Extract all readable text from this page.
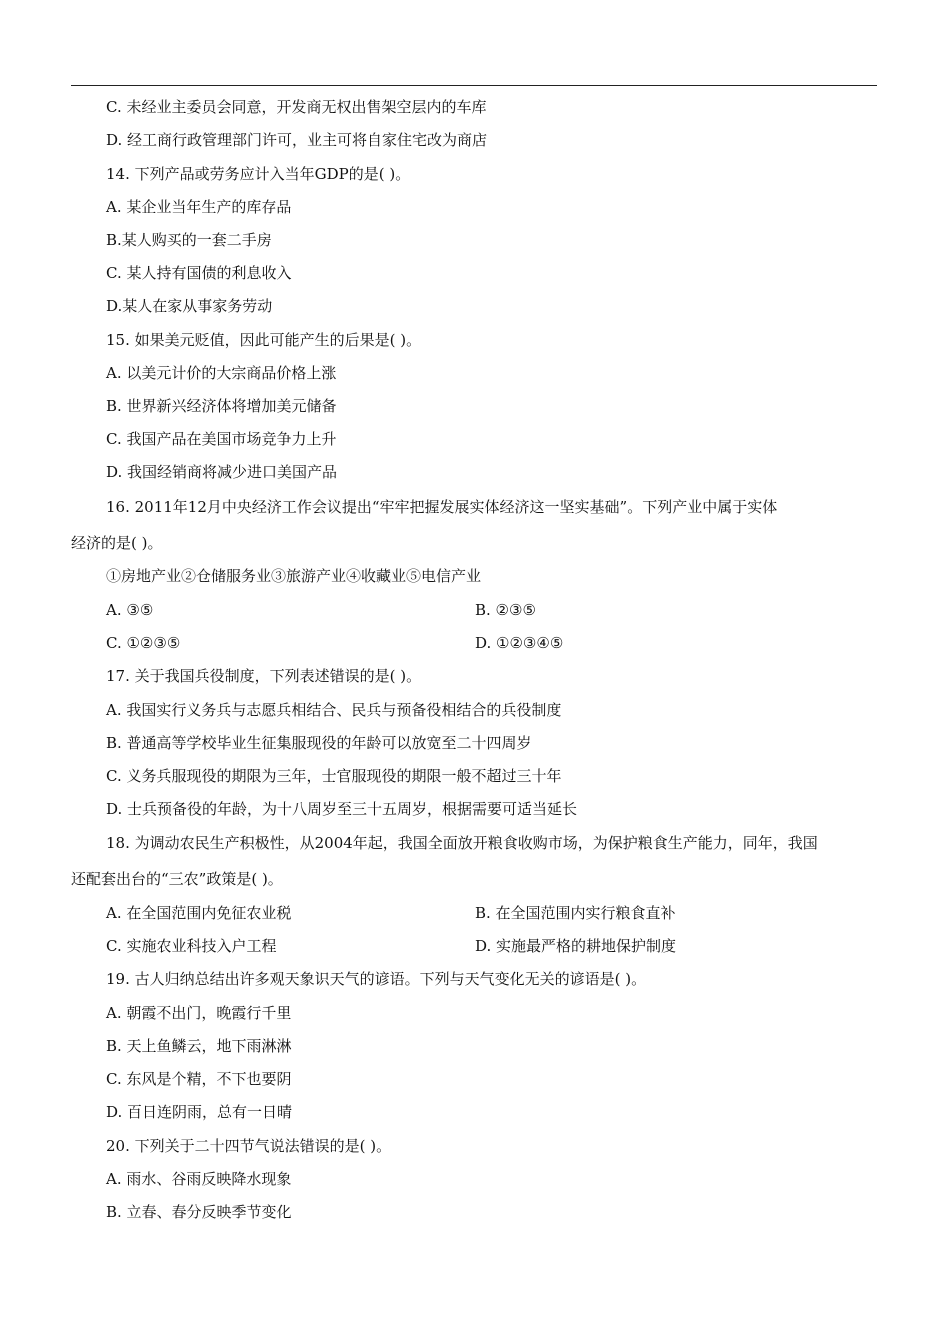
C. 未经业主委员会同意，开发商无权出售架空层内的车库
D. 经工商行政管理部门许可，业主可将自家住宅改为商店
14. 下列产品或劳务应计入当年GDP的是( )。
A. 某企业当年生产的库存品
B.某人购买的一套二手房
C. 某人持有国债的利息收入
D.某人在家从事家务劳动
15. 如果美元贬值，因此可能产生的后果是( )。
A. 以美元计价的大宗商品价格上涨
B. 世界新兴经济体将增加美元储备
C. 我国产品在美国市场竞争力上升
D. 我国经销商将减少进口美国产品
16. 2011年12月中央经济工作会议提出“牢牢把握发展实体经济这一坚实基础”。下列产业中属于实体
经济的是( )。
①房地产业②仓储服务业③旅游产业④收藏业⑤电信产业
A. ③⑤	B. ②③⑤
C. ①②③⑤	D. ①②③④⑤
17. 关于我国兵役制度，下列表述错误的是( )。
A. 我国实行义务兵与志愿兵相结合、民兵与预备役相结合的兵役制度
B. 普通高等学校毕业生征集服现役的年龄可以放宽至二十四周岁
C. 义务兵服现役的期限为三年，士官服现役的期限一般不超过三十年
D. 士兵预备役的年龄，为十八周岁至三十五周岁，根据需要可适当延长
18. 为调动农民生产积极性，从2004年起，我国全面放开粮食收购市场，为保护粮食生产能力，同年，我国
还配套出台的“三农”政策是( )。
A. 在全国范围内免征农业税	B. 在全国范围内实行粮食直补
C. 实施农业科技入户工程	D. 实施最严格的耕地保护制度
19. 古人归纳总结出许多观天象识天气的谚语。下列与天气变化无关的谚语是( )。
A. 朝霞不出门，晚霞行千里
B. 天上鱼鳞云，地下雨淋淋
C. 东风是个精，不下也要阴
D. 百日连阴雨，总有一日晴
20. 下列关于二十四节气说法错误的是( )。
A. 雨水、谷雨反映降水现象
B. 立春、春分反映季节变化
